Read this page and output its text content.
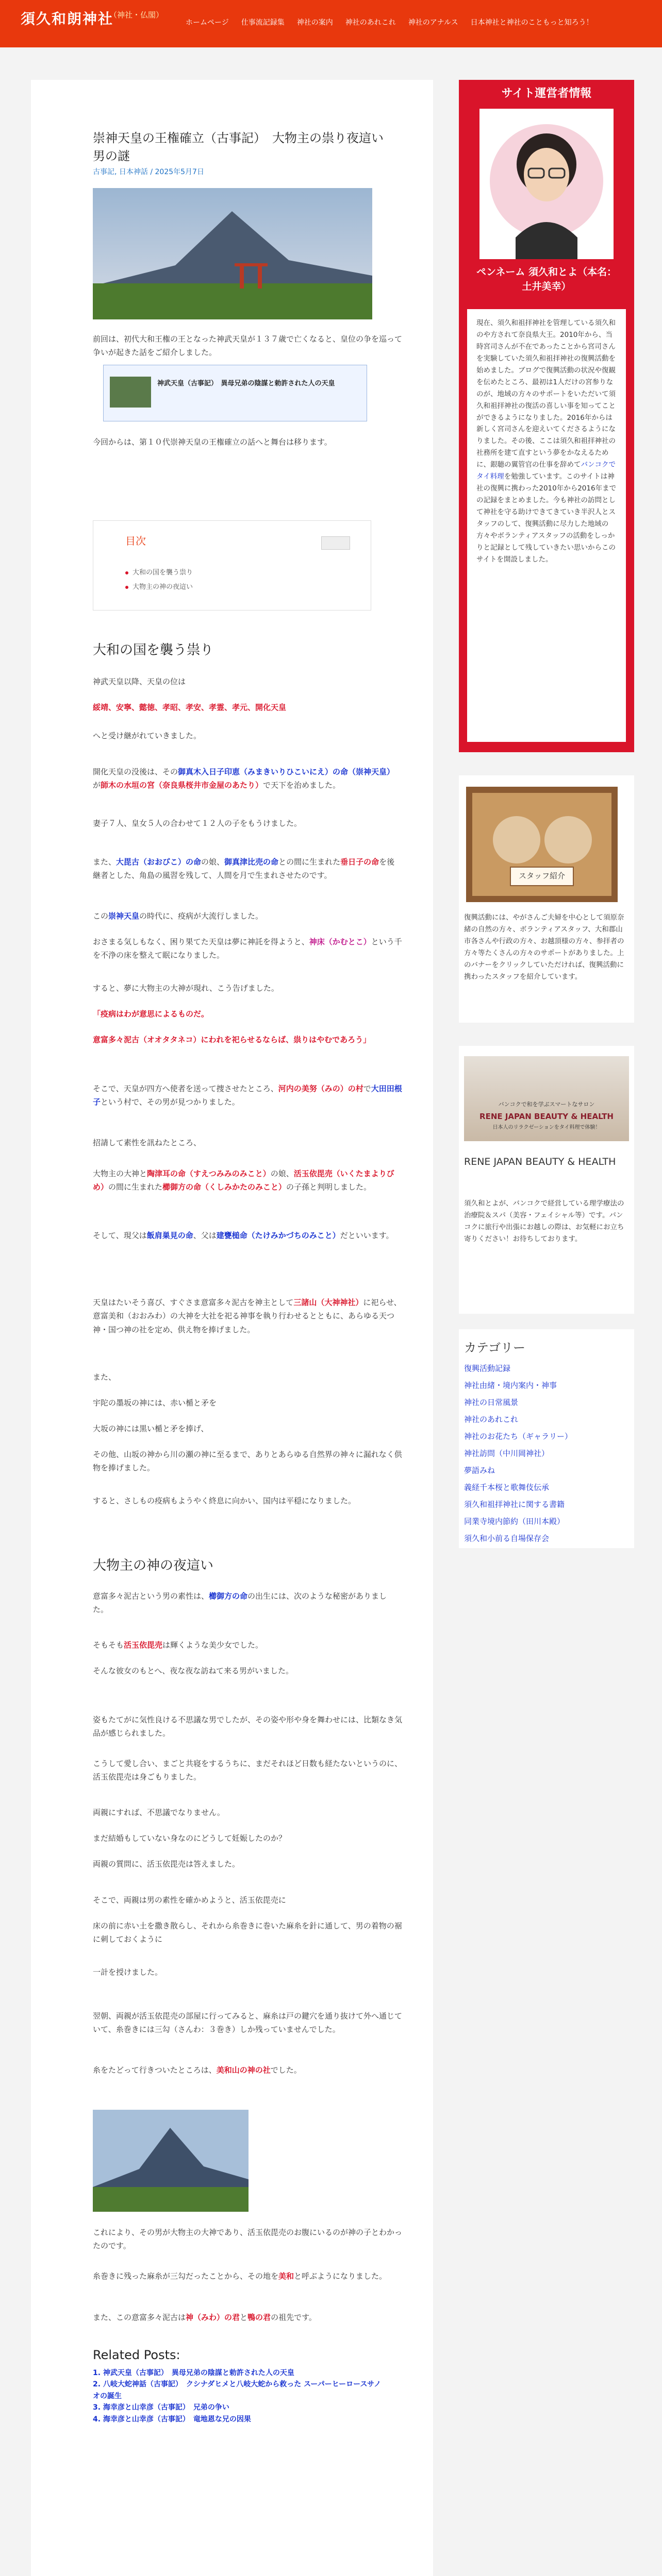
須久和朗神社
（神社・仏閣）
ホームページ 仕事流記録集 神社の案内 神社のあれこれ 神社のアナルス 日本神社と神社のこともっと知ろう！
崇神天皇の王権確立（古事記）　大物主の祟り夜這い男の謎
古事記, 日本神話 / 2025年5月7日
前回は、初代大和王権の王となった神武天皇が１３７歳で亡くなると、皇位の争を巡って争いが起きた話をご紹介しました。
神武天皇（古事記）　異母兄弟の陰謀と勅許された人の天皇
今回からは、第１０代崇神天皇の王権確立の話へと舞台は移ります。
目次
大和の国を襲う祟り
大物主の神の夜這い
大和の国を襲う祟り
神武天皇以降、天皇の位は
綏靖、安寧、懿徳、孝昭、孝安、孝霊、孝元、開化天皇
へと受け継がれていきました。
開化天皇の没後は、その御真木入日子印恵（みまきいりひこいにえ）の命（崇神天皇）が師木の水垣の宮（奈良県桜井市金屋のあたり）で天下を治めました。
妻子７人、皇女５人の合わせて１２人の子をもうけました。
また、大毘古（おおびこ）の命の娘、御真津比売の命との間に生まれた垂日子の命を後継者とした、角島の風習を残して、人間を月で生まれさせたのです。
この崇神天皇の時代に、疫病が大流行しました。
おさまる気しもなく、困り果てた天皇は夢に神託を得ようと、神床（かむとこ）という千を不浄の床を整えて眠になりました。
すると、夢に大物主の大神が現れ、こう告げました。
「疫病はわが意思によるものだ。
意富多々泥古（オオタタネコ）にわれを祀らせるならば、祟りはやむであろう」
そこで、天皇が四方へ使者を送って捜させたところ、河内の美努（みの）の村で大田田根子という村で、その男が見つかりました。
招請して素性を訊ねたところ、
大物主の大神と陶津耳の命（すえつみみのみこと）の娘、活玉依毘売（いくたまよりびめ）の間に生まれた櫛御方の命（くしみかたのみこと）の子孫と判明しました。
そして、現父は飯肩巣見の命、父は建甕槌命（たけみかづちのみこと）だといいます。
天皇はたいそう喜び、すぐさま意富多々泥古を神主として三諸山（大神神社）に祀らせ、意富美和（おおみわ）の大神を大社を祀る神事を執り行わせるとともに、あらゆる天つ神・国つ神の社を定め、供え物を捧げました。
また、
宇陀の墨坂の神には、赤い楯と矛を
大坂の神には黒い楯と矛を捧げ、
その他、山坂の神から川の瀬の神に至るまで、ありとあらゆる自然界の神々に漏れなく供物を捧げました。
すると、さしもの疫病もようやく終息に向かい、国内は平穏になりました。
大物主の神の夜這い
意富多々泥古という男の素性は、櫛御方の命の出生には、次のような秘密がありました。
そもそも活玉依毘売は輝くような美少女でした。
そんな彼女のもとへ、夜な夜な訪ねて来る男がいました。
姿もたてがに気性良ける不思議な男でしたが、その姿や形や身を舞わせには、比類なき気品が感じられました。
こうして愛し合い、まごと共寝をするうちに、まだそれほど日数も経たないというのに、活玉依毘売は身ごもりました。
両親にすれば、不思議でなりません。
まだ結婚もしていない身なのにどうして妊娠したのか？
両親の質問に、活玉依毘売は答えました。
そこで、両親は男の素性を確かめようと、活玉依毘売に
床の前に赤い土を撒き散らし、それから糸巻きに巻いた麻糸を針に通して、男の着物の裾に刺しておくように
一計を授けました。
翌朝、両親が活玉依毘売の部屋に行ってみると、麻糸は戸の鍵穴を通り抜けて外へ通じていて、糸巻きには三勾（さんわ：３巻き）しか残っていませんでした。
糸をたどって行きついたところは、美和山の神の社でした。
これにより、その男が大物主の大神であり、活玉依毘売のお腹にいるのが神の子とわかったのです。
糸巻きに残った麻糸が三勾だったことから、その地を美和と呼ぶようになりました。
また、この意富多々泥古は神（みわ）の君と鴨の君の祖先です。
Related Posts:
1. 神武天皇（古事記）　異母兄弟の陰謀と勅許された人の天皇
2. 八岐大蛇神話（古事記）　クシナダヒメと八岐大蛇から救った スーパーヒーロースサノオの誕生
3. 海幸彦と山幸彦（古事記）　兄弟の争い
4. 海幸彦と山幸彦（古事記）　竜地恩な兄の因果
サイト運営者情報
ペンネーム 須久和とよ（本名：土井美幸）
現在、須久和祖拝神社を管理している須久和のや方されて奈良県大王。2010年から、当時宮司さんが不在であったことから宮司さんを実験していた須久和祖拝神社の復興活動を始めました。ブログで復興活動の状況や復観を伝めたところ、最初は1人だけの宮参りなのが、地域の方々のサポートをいただいて須久和祖拝神社の復活の喜しい事を知ってことができるようになりました。2016年からは新しく宮司さんを迎えいてくださるようになりました。その後、ここは須久和祖拝神社の社務所を建て直すという夢をかなえるために、銀聴の翼管官の仕事を辞めてバンコクでタイ料理を勉強しています。このサイトは神社の復興に携わった2010年から2016年までの記録をまとめました。今も神社の訪問として神社を守る助けできてきていき半沢人とスタッフのして、復興活動に尽力した地域の方々やボランティアスタッフの活動をしっかりと記録として残していきたい思いからこのサイトを開設しました。
スタッフ紹介
復興活動には、やがさんご夫婦を中心として須原奈緒の自然の方々、ボランティアスタッフ、大和郡山市各さんや行政の方々、お越頂様の方々、参拝者の方々等たくさんの方々のサポートがありました。上のバナーをクリックしていただければ、復興活動に携わったスタッフを紹介しています。
バンコクで和を学ぶスマートなサロン
RENE JAPAN BEAUTY & HEALTH
日本人のリラクゼーションをタイ料理で体験！
RENE JAPAN BEAUTY & HEALTH
須久和とよが、バンコクで経営している理学療法の治療院＆スパ（美容・フェイシャル等）です。バンコクに旅行や出張にお越しの際は、お気軽にお立ち寄りください！お待ちしております。
カテゴリー
復興活動記録
神社由緒・境内案内・神事
神社の日常風景
神社のあれこれ
神社のお花たち（ギャラリー）
神社訪問（中川岡神社）
夢語みね
義経千本桜と歌舞伎伝承
須久和祖拝神社に関する書籍
同業寺境内節約（田川本殿）
須久和小前る自場保存会
